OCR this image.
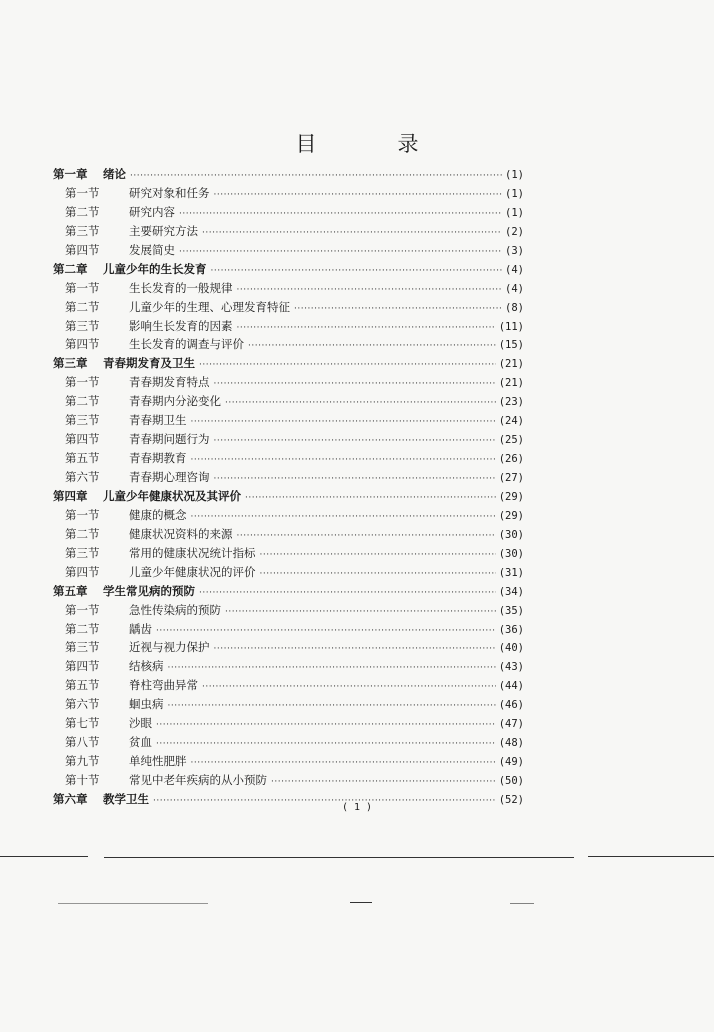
目　录
第一章	绪论 ·····	(1)
第一节	研究对象和任务 ·····	(1)
第二节	研究内容 ·····	(1)
第三节	主要研究方法 ·····	(2)
第四节	发展简史 ·····	(3)
第二章	儿童少年的生长发育 ·····	(4)
第一节	生长发育的一般规律 ·····	(4)
第二节	儿童少年的生理、心理发育特征 ·····	(8)
第三节	影响生长发育的因素 ·····	(11)
第四节	生长发育的调查与评价 ·····	(15)
第三章	青春期发育及卫生 ·····	(21)
第一节	青春期发育特点 ·····	(21)
第二节	青春期内分泌变化 ·····	(23)
第三节	青春期卫生 ·····	(24)
第四节	青春期问题行为 ·····	(25)
第五节	青春期教育 ·····	(26)
第六节	青春期心理咨询 ·····	(27)
第四章	儿童少年健康状况及其评价 ·····	(29)
第一节	健康的概念 ·····	(29)
第二节	健康状况资料的来源 ·····	(30)
第三节	常用的健康状况统计指标 ·····	(30)
第四节	儿童少年健康状况的评价 ·····	(31)
第五章	学生常见病的预防 ·····	(34)
第一节	急性传染病的预防 ·····	(35)
第二节	龋齿 ·····	(36)
第三节	近视与视力保护 ·····	(40)
第四节	结核病 ·····	(43)
第五节	脊柱弯曲异常 ·····	(44)
第六节	蛔虫病 ·····	(46)
第七节	沙眼 ·····	(47)
第八节	贫血 ·····	(48)
第九节	单纯性肥胖 ·····	(49)
第十节	常见中老年疾病的从小预防 ·····	(50)
第六章	教学卫生 ·····	(52)
( 1 )
